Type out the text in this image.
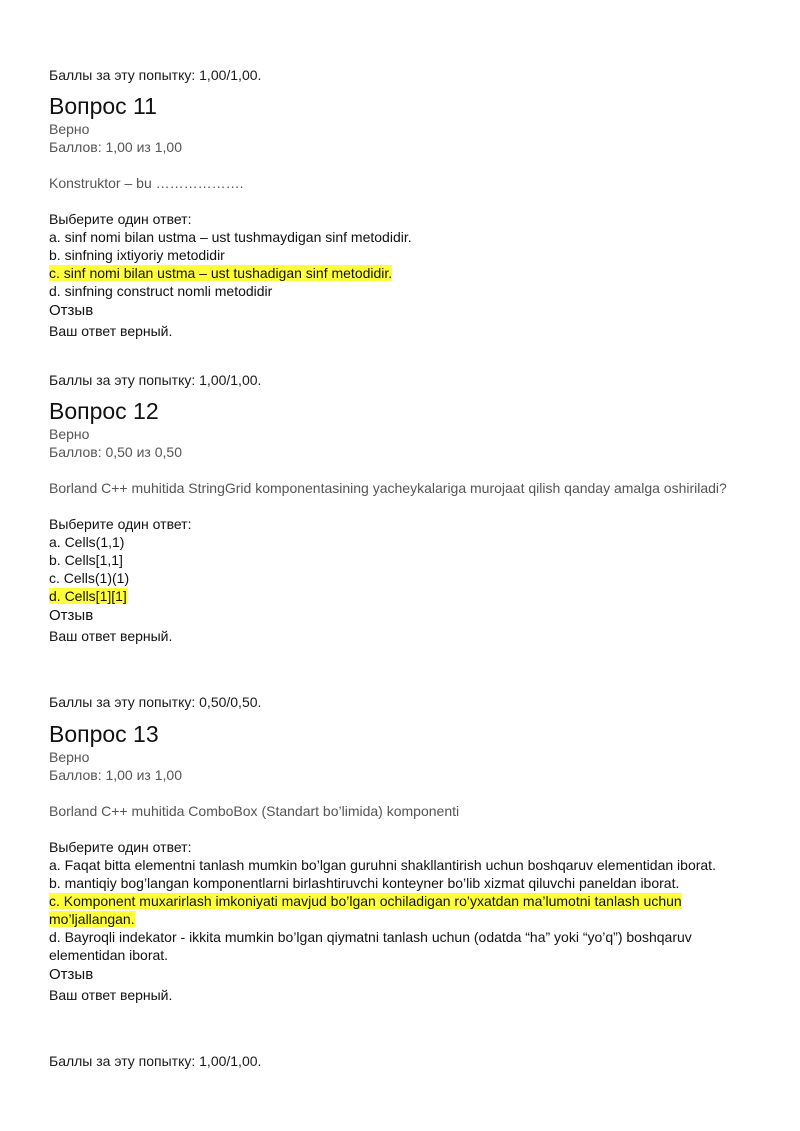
Баллы за эту попытку: 1,00/1,00.
Вопрос 11
Верно
Баллов: 1,00 из 1,00
Konstruktor – bu ……………….
Выберите один ответ:
a. sinf nomi bilan ustma – ust tushmaydigan sinf metodidir.
b. sinfning ixtiyoriy metodidir
c. sinf nomi bilan ustma – ust tushadigan sinf metodidir.
d. sinfning construct nomli metodidir
Отзыв
Ваш ответ верный.
Баллы за эту попытку: 1,00/1,00.
Вопрос 12
Верно
Баллов: 0,50 из 0,50
Borland C++ muhitida StringGrid komponentasining yacheykalariga murojaat qilish qanday amalga oshiriladi?
Выберите один ответ:
a. Cells(1,1)
b. Cells[1,1]
c. Cells(1)(1)
d. Cells[1][1]
Отзыв
Ваш ответ верный.
Баллы за эту попытку: 0,50/0,50.
Вопрос 13
Верно
Баллов: 1,00 из 1,00
Borland C++ muhitida ComboBox (Standart bo’limida) komponenti
Выберите один ответ:
a. Faqat bitta elementni tanlash mumkin bo’lgan guruhni shakllantirish uchun boshqaruv elementidan iborat.
b. mantiqiy bog’langan komponentlarni birlashtiruvchi konteyner bo’lib xizmat qiluvchi paneldan iborat.
c. Komponent muxarirlash imkoniyati mavjud bo’lgan ochiladigan ro’yxatdan ma’lumotni tanlash uchun mo’ljallangan.
d. Bayroqli indekator - ikkita mumkin bo’lgan qiymatni tanlash uchun (odatda “ha” yoki “yo’q”) boshqaruv elementidan iborat.
Отзыв
Ваш ответ верный.
Баллы за эту попытку: 1,00/1,00.
